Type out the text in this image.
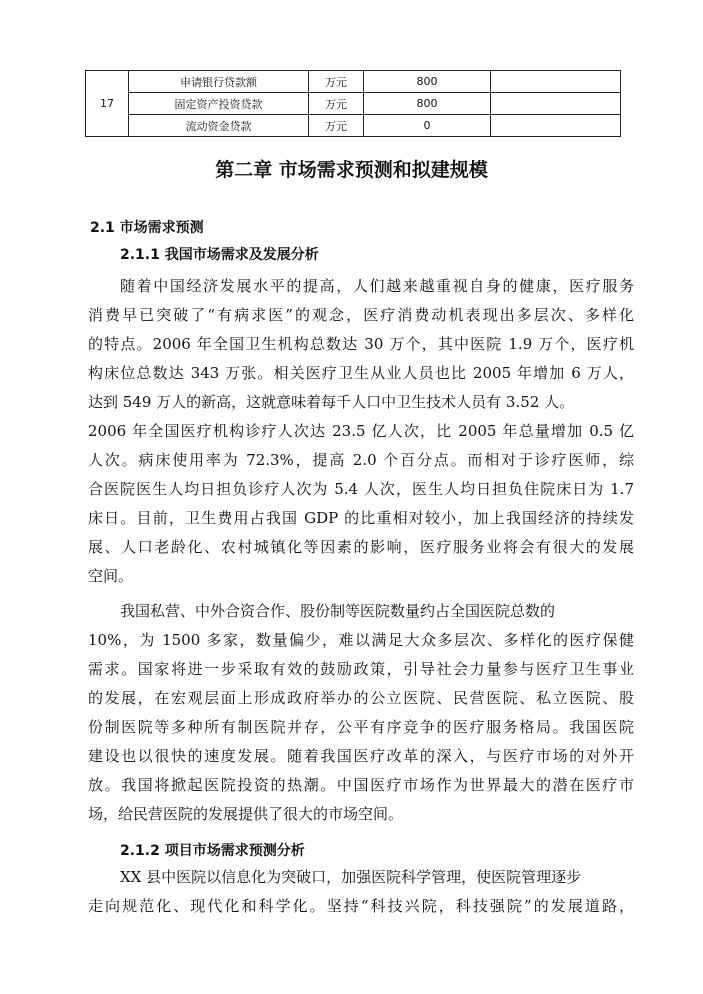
17	申请银行贷款额	万元	800	
	固定资产投资贷款	万元	800	
	流动资金贷款	万元	0	
第二章 市场需求预测和拟建规模
2.1 市场需求预测
2.1.1 我国市场需求及发展分析
随着中国经济发展水平的提高，人们越来越重视自身的健康，医疗服务
消费早已突破了“有病求医”的观念，医疗消费动机表现出多层次、多样化
的特点。2006 年全国卫生机构总数达 30 万个，其中医院 1.9 万个，医疗机
构床位总数达 343 万张。相关医疗卫生从业人员也比 2005 年增加 6 万人，
达到 549 万人的新高，这就意味着每千人口中卫生技术人员有 3.52 人。
2006 年全国医疗机构诊疗人次达 23.5 亿人次，比 2005 年总量增加 0.5 亿
人次。病床使用率为 72.3%，提高 2.0 个百分点。而相对于诊疗医师，综
合医院医生人均日担负诊疗人次为 5.4 人次，医生人均日担负住院床日为 1.7
床日。目前，卫生费用占我国 GDP 的比重相对较小，加上我国经济的持续发
展、人口老龄化、农村城镇化等因素的影响，医疗服务业将会有很大的发展
空间。
我国私营、中外合资合作、股份制等医院数量约占全国医院总数的
10%，为 1500 多家，数量偏少，难以满足大众多层次、多样化的医疗保健
需求。国家将进一步采取有效的鼓励政策，引导社会力量参与医疗卫生事业
的发展，在宏观层面上形成政府举办的公立医院、民营医院、私立医院、股
份制医院等多种所有制医院并存，公平有序竞争的医疗服务格局。我国医院
建设也以很快的速度发展。随着我国医疗改革的深入，与医疗市场的对外开
放。我国将掀起医院投资的热潮。中国医疗市场作为世界最大的潜在医疗市
场，给民营医院的发展提供了很大的市场空间。
2.1.2 项目市场需求预测分析
XX 县中医院以信息化为突破口，加强医院科学管理，使医院管理逐步
走向规范化、现代化和科学化。坚持“科技兴院，科技强院”的发展道路，
